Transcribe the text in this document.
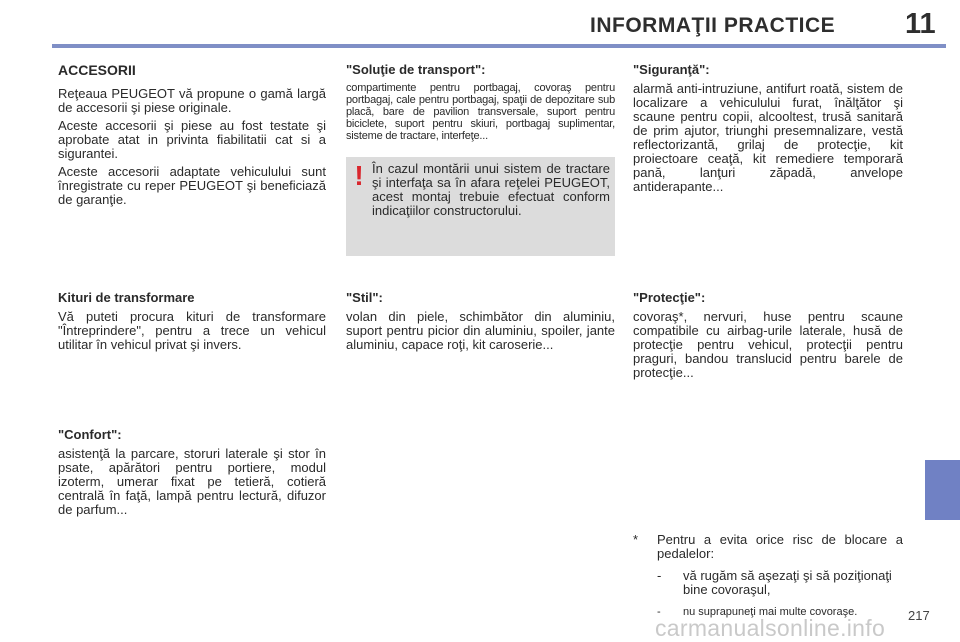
INFORMAŢII PRACTICE 11
ACCESORII

Reţeaua PEUGEOT vă propune o gamă largă de accesorii şi piese originale.

Aceste accesorii şi piese au fost testate şi aprobate atat in privinta fiabilitatii cat si a sigurantei.

Aceste accesorii adaptate vehiculului sunt înregistrate cu reper PEUGEOT şi beneficiază de garanţie.

Kituri de transformare

Vă puteti procura kituri de transformare "Întreprindere", pentru a trece un vehicul utilitar în vehicul privat şi invers.

"Confort":

asistenţă la parcare, storuri laterale şi stor în psate, apărători pentru portiere, modul izoterm, umerar fixat pe tetieră, cotieră centrală în faţă, lampă pentru lectură, difuzor de parfum...

"Soluţie de transport":
compartimente pentru portbagaj, covoraş pentru portbagaj, cale pentru portbagaj, spaţii de depozitare sub placă, bare de pavilion transversale, suport pentru biciclete, suport pentru skiuri, portbagaj suplimentar, sisteme de tractare, interfeţe...
! În cazul montării unui sistem de tractare şi interfaţa sa în afara reţelei PEUGEOT, acest montaj trebuie efectuat conform indicaţiilor constructorului.
"Stil":

volan din piele, schimbător din aluminiu, suport pentru picior din aluminiu, spoiler, jante aluminiu, capace roţi, kit caroserie...

"Siguranţă":

alarmă anti-intruziune, antifurt roată, sistem de localizare a vehiculului furat, înălţător şi scaune pentru copii, alcooltest, trusă sanitară de prim ajutor, triunghi presemnalizare, vestă reflectorizantă, grilaj de protecţie, kit proiectoare ceaţă, kit remediere temporară pană, lanţuri zăpadă, anvelope antiderapante...

"Protecţie":

covoraş*, nervuri, huse pentru scaune compatibile cu airbag-urile laterale, husă de protecţie pentru vehicul, protecţii pentru praguri, bandou translucid pentru barele de protecţie...

* Pentru a evita orice risc de blocare a pedalelor:
- vă rugăm să aşezaţi şi să poziţionaţi bine covoraşul,
- nu suprapuneţi mai multe covoraşe.	217
carmanualsonline.info
